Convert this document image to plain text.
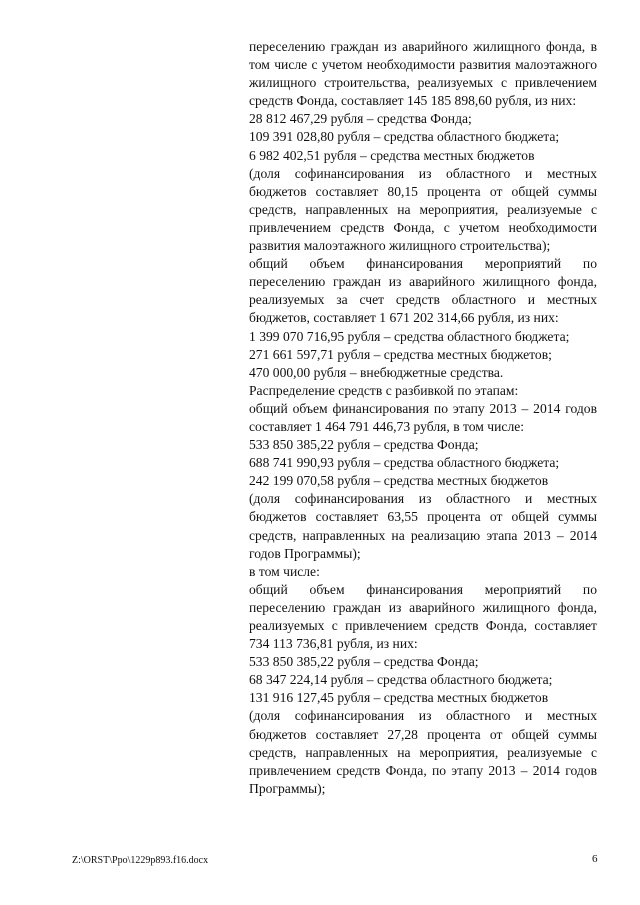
переселению граждан из аварийного жилищного фонда, в том числе с учетом необходимости развития малоэтажного жилищного строительства, реализуемых с привлечением средств Фонда, составляет 145 185 898,60 рубля, из них:

28 812 467,29 рубля – средства Фонда;

109 391 028,80 рубля – средства областного бюджета;

6 982 402,51 рубля – средства местных бюджетов

(доля софинансирования из областного и местных бюджетов составляет 80,15 процента от общей суммы средств, направленных на мероприятия, реализуемые с привлечением средств Фонда, с учетом необходимости развития малоэтажного жилищного строительства);

общий объем финансирования мероприятий по переселению граждан из аварийного жилищного фонда, реализуемых за счет средств областного и местных бюджетов, составляет 1 671 202 314,66 рубля, из них:

1 399 070 716,95 рубля – средства областного бюджета;

271 661 597,71 рубля – средства местных бюджетов;

470 000,00 рубля – внебюджетные средства.

Распределение средств с разбивкой по этапам:

общий объем финансирования по этапу 2013 – 2014 годов составляет 1 464 791 446,73 рубля, в том числе:

533 850 385,22 рубля – средства Фонда;

688 741 990,93 рубля – средства областного бюджета;

242 199 070,58 рубля – средства местных бюджетов

(доля софинансирования из областного и местных бюджетов составляет 63,55 процента от общей суммы средств, направленных на реализацию этапа 2013 – 2014 годов Программы);

в том числе:

общий объем финансирования мероприятий по переселению граждан из аварийного жилищного фонда, реализуемых с привлечением средств Фонда, составляет 734 113 736,81 рубля, из них:

533 850 385,22 рубля – средства Фонда;

68 347 224,14 рубля – средства областного бюджета;

131 916 127,45 рубля – средства местных бюджетов

(доля софинансирования из областного и местных бюджетов составляет 27,28 процента от общей суммы средств, направленных на мероприятия, реализуемые с привлечением средств Фонда, по этапу 2013 – 2014 годов Программы);

Z:\ORST\Ppo\1229p893.f16.docx	6
